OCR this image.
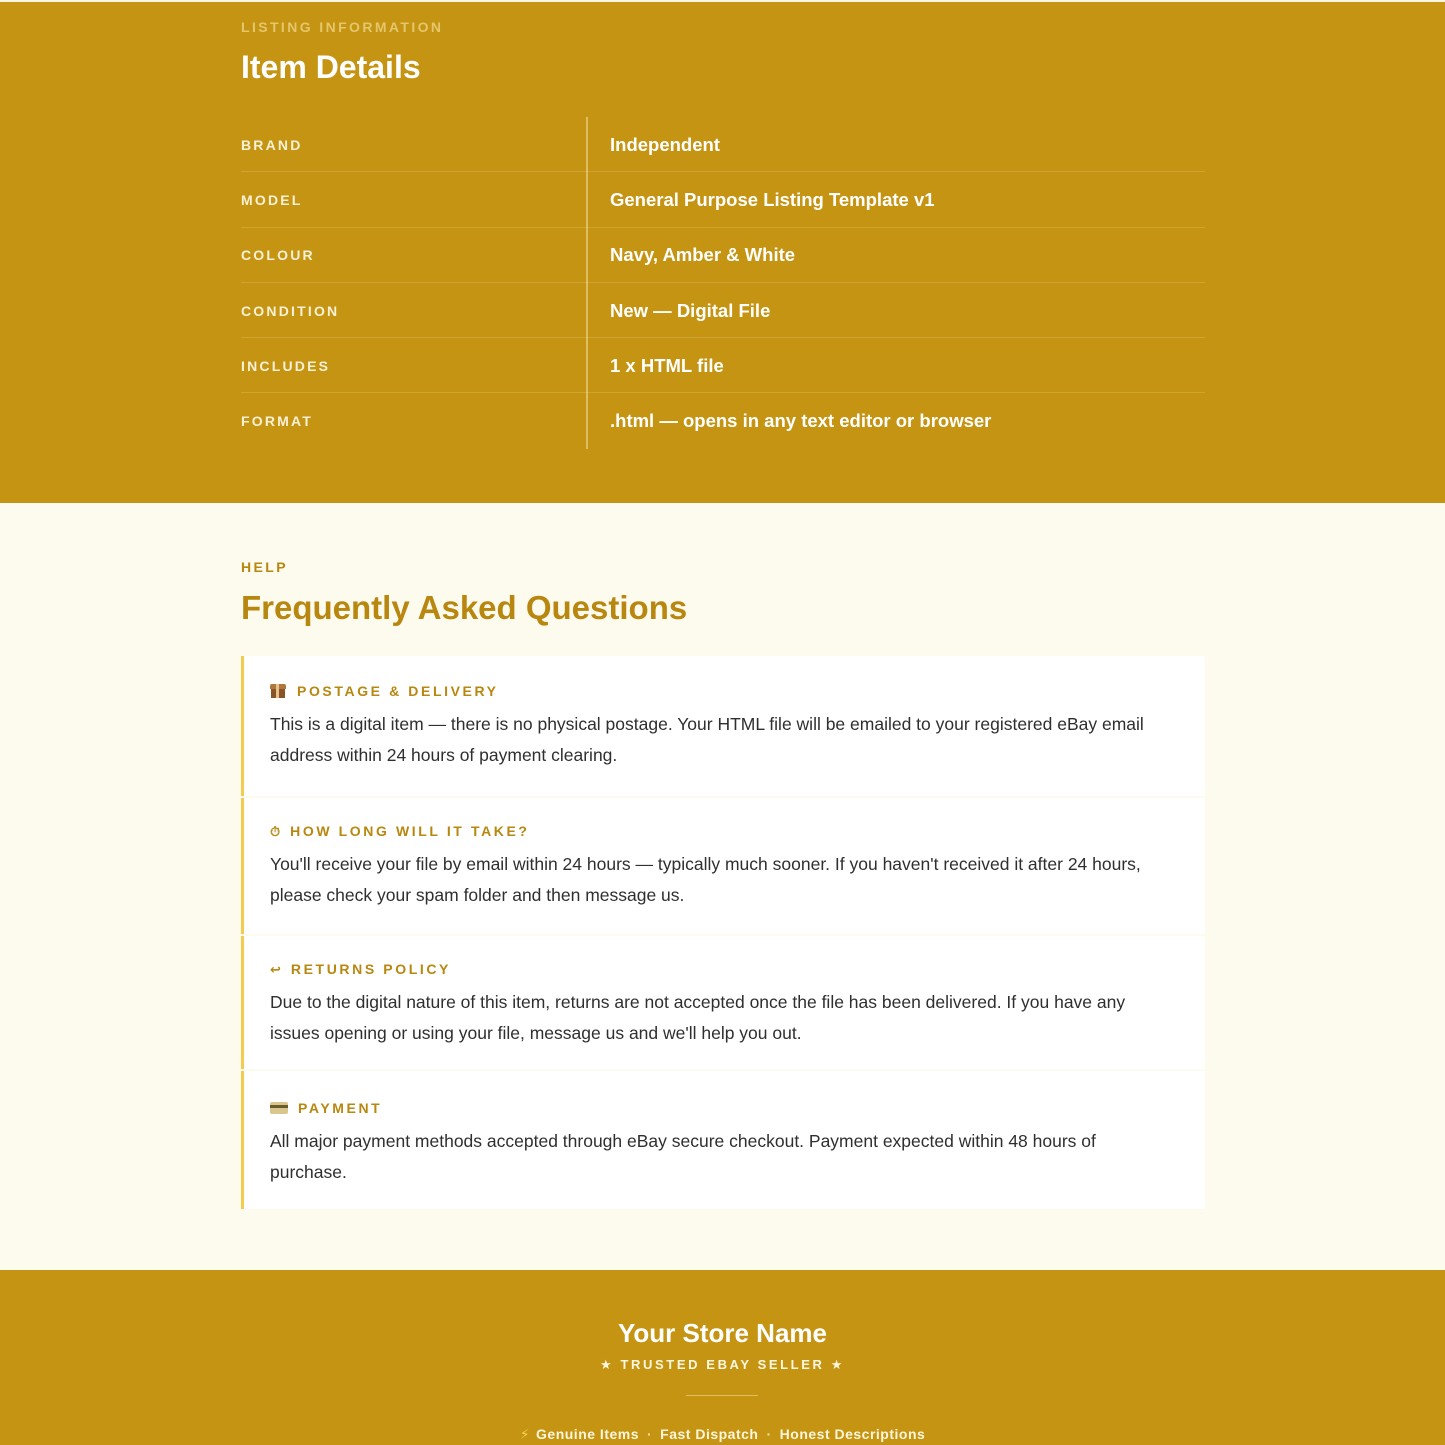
LISTING INFORMATION

Item Details
BRAND	Independent
MODEL	General Purpose Listing Template v1
COLOUR	Navy, Amber & White
CONDITION	New — Digital File
INCLUDES	1 x HTML file
FORMAT	.html — opens in any text editor or browser

HELP

Frequently Asked Questions
POSTAGE & DELIVERY

This is a digital item — there is no physical postage. Your HTML file will be emailed to your registered eBay email address within 24 hours of payment clearing.

⏱ HOW LONG WILL IT TAKE?

You'll receive your file by email within 24 hours — typically much sooner. If you haven't received it after 24 hours, please check your spam folder and then message us.

↩ RETURNS POLICY

Due to the digital nature of this item, returns are not accepted once the file has been delivered. If you have any issues opening or using your file, message us and we'll help you out.

PAYMENT

All major payment methods accepted through eBay secure checkout. Payment expected within 48 hours of purchase.

Your Store Name
★ TRUSTED EBAY SELLER ★
⚡ Genuine Items · Fast Dispatch · Honest Descriptions
